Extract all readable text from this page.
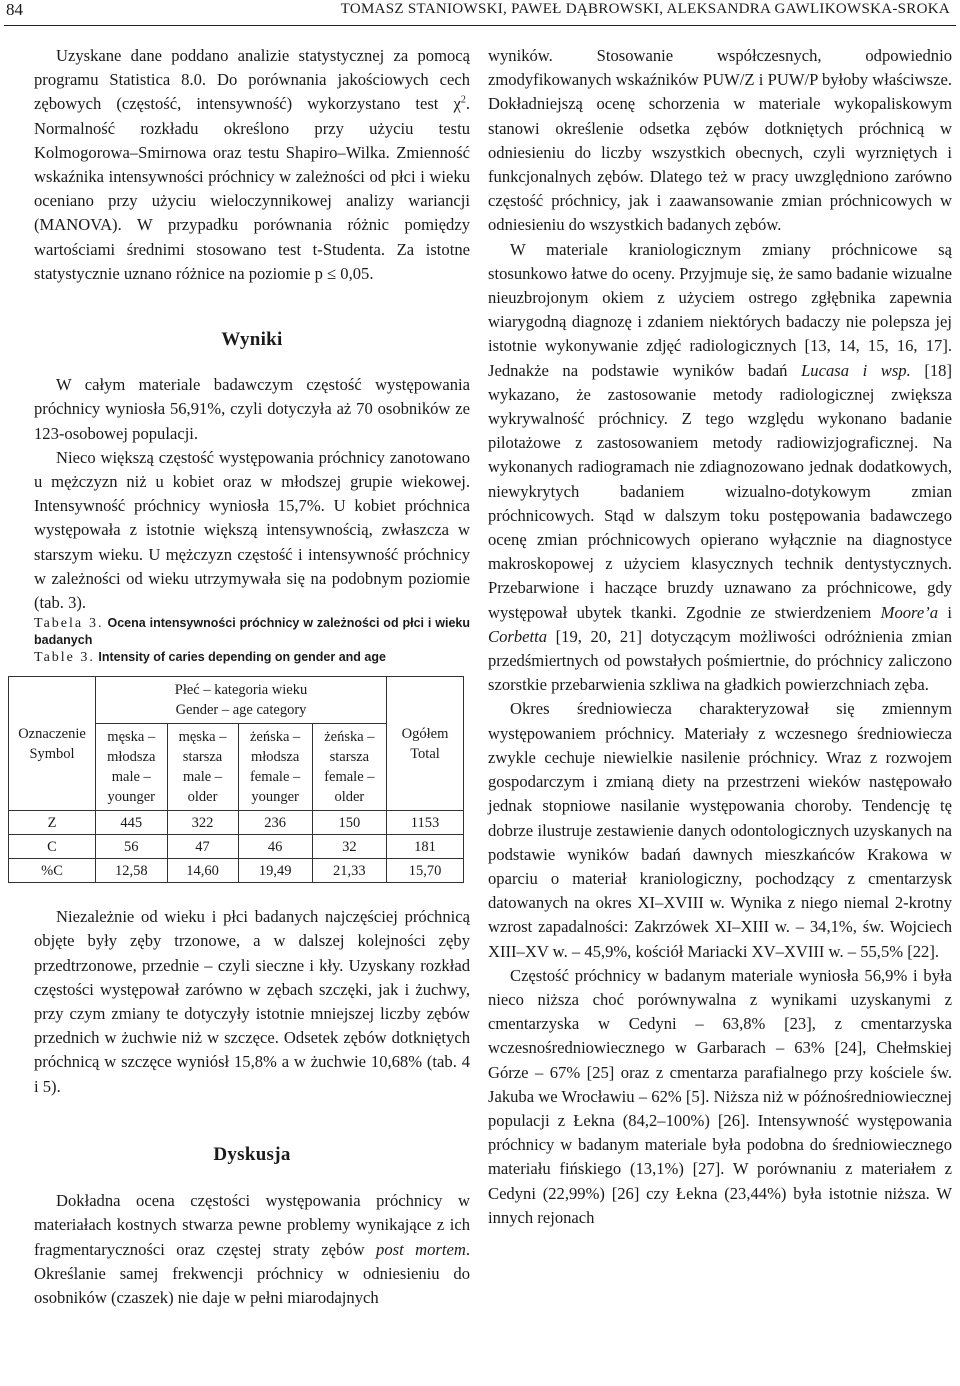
84	TOMASZ STANIOWSKI, PAWEŁ DĄBROWSKI, ALEKSANDRA GAWLIKOWSKA-SROKA

Uzyskane dane poddano analizie statystycznej za pomocą programu Statistica 8.0. Do porównania jakościowych cech zębowych (częstość, intensywność) wykorzystano test $\chi^2$. Normalność rozkładu określono przy użyciu testu Kolmogorowa–Smirnowa oraz testu Shapiro–Wilka. Zmienność wskaźnika intensywności próchnicy w zależności od płci i wieku oceniano przy użyciu wieloczynnikowej analizy wariancji (MANOVA). W przypadku porównania różnic pomiędzy wartościami średnimi stosowano test t-Studenta. Za istotne statystycznie uznano różnice na poziomie p ≤ 0,05.

Wyniki

W całym materiale badawczym częstość występowania próchnicy wyniosła 56,91%, czyli dotyczyła aż 70 osobników ze 123-osobowej populacji.

Nieco większą częstość występowania próchnicy zanotowano u mężczyzn niż u kobiet oraz w młodszej grupie wiekowej. Intensywność próchnicy wyniosła 15,7%. U kobiet próchnica występowała z istotnie większą intensywnością, zwłaszcza w starszym wieku. U mężczyzn częstość i intensywność próchnicy w zależności od wieku utrzymywała się na podobnym poziomie (tab. 3).

Tabela 3. Ocena intensywności próchnicy w zależności od płci i wieku badanych

Table 3. Intensity of caries depending on gender and age

Oznaczenie
Symbol	Płeć – kategoria wieku
Gender – age category				Ogółem
Total
	męska –
młodsza
male –
younger	męska –
starsza
male –
older	żeńska –
młodsza
female –
younger	żeńska –
starsza
female –
older	
Z	445	322	236	150	1153
C	56	47	46	32	181
%C	12,58	14,60	19,49	21,33	15,70

Niezależnie od wieku i płci badanych najczęściej próchnicą objęte były zęby trzonowe, a w dalszej kolejności zęby przedtrzonowe, przednie – czyli sieczne i kły. Uzyskany rozkład częstości występował zarówno w zębach szczęki, jak i żuchwy, przy czym zmiany te dotyczyły istotnie mniejszej liczby zębów przednich w żuchwie niż w szczęce. Odsetek zębów dotkniętych próchnicą w szczęce wyniósł 15,8% a w żuchwie 10,68% (tab. 4 i 5).

Dyskusja

Dokładna ocena częstości występowania próchnicy w materiałach kostnych stwarza pewne problemy wynikające z ich fragmentaryczności oraz częstej straty zębów post mortem. Określanie samej frekwencji próchnicy w odniesieniu do osobników (czaszek) nie daje w pełni miarodajnych

wyników. Stosowanie współczesnych, odpowiednio zmodyfikowanych wskaźników PUW/Z i PUW/P byłoby właściwsze. Dokładniejszą ocenę schorzenia w materiale wykopaliskowym stanowi określenie odsetka zębów dotkniętych próchnicą w odniesieniu do liczby wszystkich obecnych, czyli wyrzniętych i funkcjonalnych zębów. Dlatego też w pracy uwzględniono zarówno częstość próchnicy, jak i zaawansowanie zmian próchnicowych w odniesieniu do wszystkich badanych zębów.

W materiale kraniologicznym zmiany próchnicowe są stosunkowo łatwe do oceny. Przyjmuje się, że samo badanie wizualne nieuzbrojonym okiem z użyciem ostrego zgłębnika zapewnia wiarygodną diagnozę i zdaniem niektórych badaczy nie polepsza jej istotnie wykonywanie zdjęć radiologicznych [13, 14, 15, 16, 17]. Jednakże na podstawie wyników badań Lucasa i wsp. [18] wykazano, że zastosowanie metody radiologicznej zwiększa wykrywalność próchnicy. Z tego względu wykonano badanie pilotażowe z zastosowaniem metody radiowizjograficznej. Na wykonanych radiogramach nie zdiagnozowano jednak dodatkowych, niewykrytych badaniem wizualno-dotykowym zmian próchnicowych. Stąd w dalszym toku postępowania badawczego ocenę zmian próchnicowych opierano wyłącznie na diagnostyce makroskopowej z użyciem klasycznych technik dentystycznych. Przebarwione i haczące bruzdy uznawano za próchnicowe, gdy występował ubytek tkanki. Zgodnie ze stwierdzeniem Moore’a i Corbetta [19, 20, 21] dotyczącym możliwości odróżnienia zmian przedśmiertnych od powstałych pośmiertnie, do próchnicy zaliczono szorstkie przebarwienia szkliwa na gładkich powierzchniach zęba.

Okres średniowiecza charakteryzował się zmiennym występowaniem próchnicy. Materiały z wczesnego średniowiecza zwykle cechuje niewielkie nasilenie próchnicy. Wraz z rozwojem gospodarczym i zmianą diety na przestrzeni wieków następowało jednak stopniowe nasilanie występowania choroby. Tendencję tę dobrze ilustruje zestawienie danych odontologicznych uzyskanych na podstawie wyników badań dawnych mieszkańców Krakowa w oparciu o materiał kraniologiczny, pochodzący z cmentarzysk datowanych na okres XI–XVIII w. Wynika z niego niemal 2-krotny wzrost zapadalności: Zakrzówek XI–XIII w. – 34,1%, św. Wojciech XIII–XV w. – 45,9%, kościół Mariacki XV–XVIII w. – 55,5% [22].

Częstość próchnicy w badanym materiale wyniosła 56,9% i była nieco niższa choć porównywalna z wynikami uzyskanymi z cmentarzyska w Cedyni – 63,8% [23], z cmentarzyska wczesnośredniowiecznego w Garbarach – 63% [24], Chełmskiej Górze – 67% [25] oraz z cmentarza parafialnego przy kościele św. Jakuba we Wrocławiu – 62% [5]. Niższa niż w późnośredniowiecznej populacji z Łekna (84,2–100%) [26]. Intensywność występowania próchnicy w badanym materiale była podobna do średniowiecznego materiału fińskiego (13,1%) [27]. W porównaniu z materiałem z Cedyni (22,99%) [26] czy Łekna (23,44%) była istotnie niższa. W innych rejonach
